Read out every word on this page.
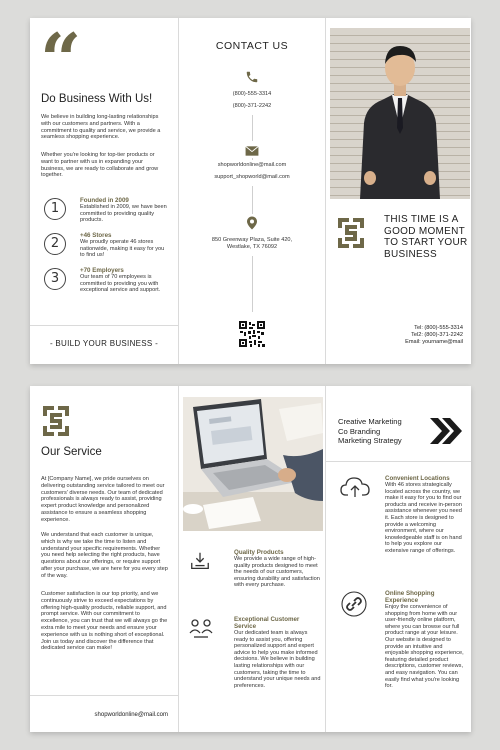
“
Do Business With Us!
We believe in building long-lasting relationships with our customers and partners. With a commitment to quality and service, we provide a seamless shopping experience.
Whether you're looking for top-tier products or want to partner with us in expanding your business, we are ready to collaborate and grow together.
1
Founded in 2009
Established in 2009, we have been committed to providing quality products.
2
+46 Stores
We proudly operate 46 stores nationwide, making it easy for you to find us!
3
+70 Employers
Our team of 70 employees is committed to providing you with exceptional service and support.
- BUILD YOUR BUSINESS -
CONTACT US
(800)-555-3314
(800)-371-2242
shopworldonline@mail.com
support_shopworld@mail.com
850 Greenway Plaza, Suite 420,
Westlake, TX 76092
THIS TIME IS A GOOD MOMENT TO START YOUR BUSINESS
Tel: (800)-555-3314
Tel2: (800)-371-2242
Email: yourname@mail
Our Service
At [Company Name], we pride ourselves on delivering outstanding service tailored to meet our customers' diverse needs. Our team of dedicated professionals is always ready to assist, providing expert product knowledge and personalized assistance to ensure a seamless shopping experience.
We understand that each customer is unique, which is why we take the time to listen and understand your specific requirements. Whether you need help selecting the right products, have questions about our offerings, or require support after your purchase, we are here for you every step of the way.
Customer satisfaction is our top priority, and we continuously strive to exceed expectations by offering high-quality products, reliable support, and prompt service. With our commitment to excellence, you can trust that we will always go the extra mile to meet your needs and ensure your experience with us is nothing short of exceptional. Join us today and discover the difference that dedicated service can make!
shopworldonline@mail.com
Quality Products
We provide a wide range of high-quality products designed to meet the needs of our customers, ensuring durability and satisfaction with every purchase.
Exceptional Customer Service
Our dedicated team is always ready to assist you, offering personalized support and expert advice to help you make informed decisions. We believe in building lasting relationships with our customers, taking the time to understand your unique needs and preferences.
Creative Marketing
Co Branding
Marketing Strategy
Convenient Locations
With 46 stores strategically located across the country, we make it easy for you to find our products and receive in-person assistance whenever you need it. Each store is designed to provide a welcoming environment, where our knowledgeable staff is on hand to help you explore our extensive range of offerings.
Online Shopping Experience
Enjoy the convenience of shopping from home with our user-friendly online platform, where you can browse our full product range at your leisure. Our website is designed to provide an intuitive and enjoyable shopping experience, featuring detailed product descriptions, customer reviews, and easy navigation. You can easily find what you're looking for.
